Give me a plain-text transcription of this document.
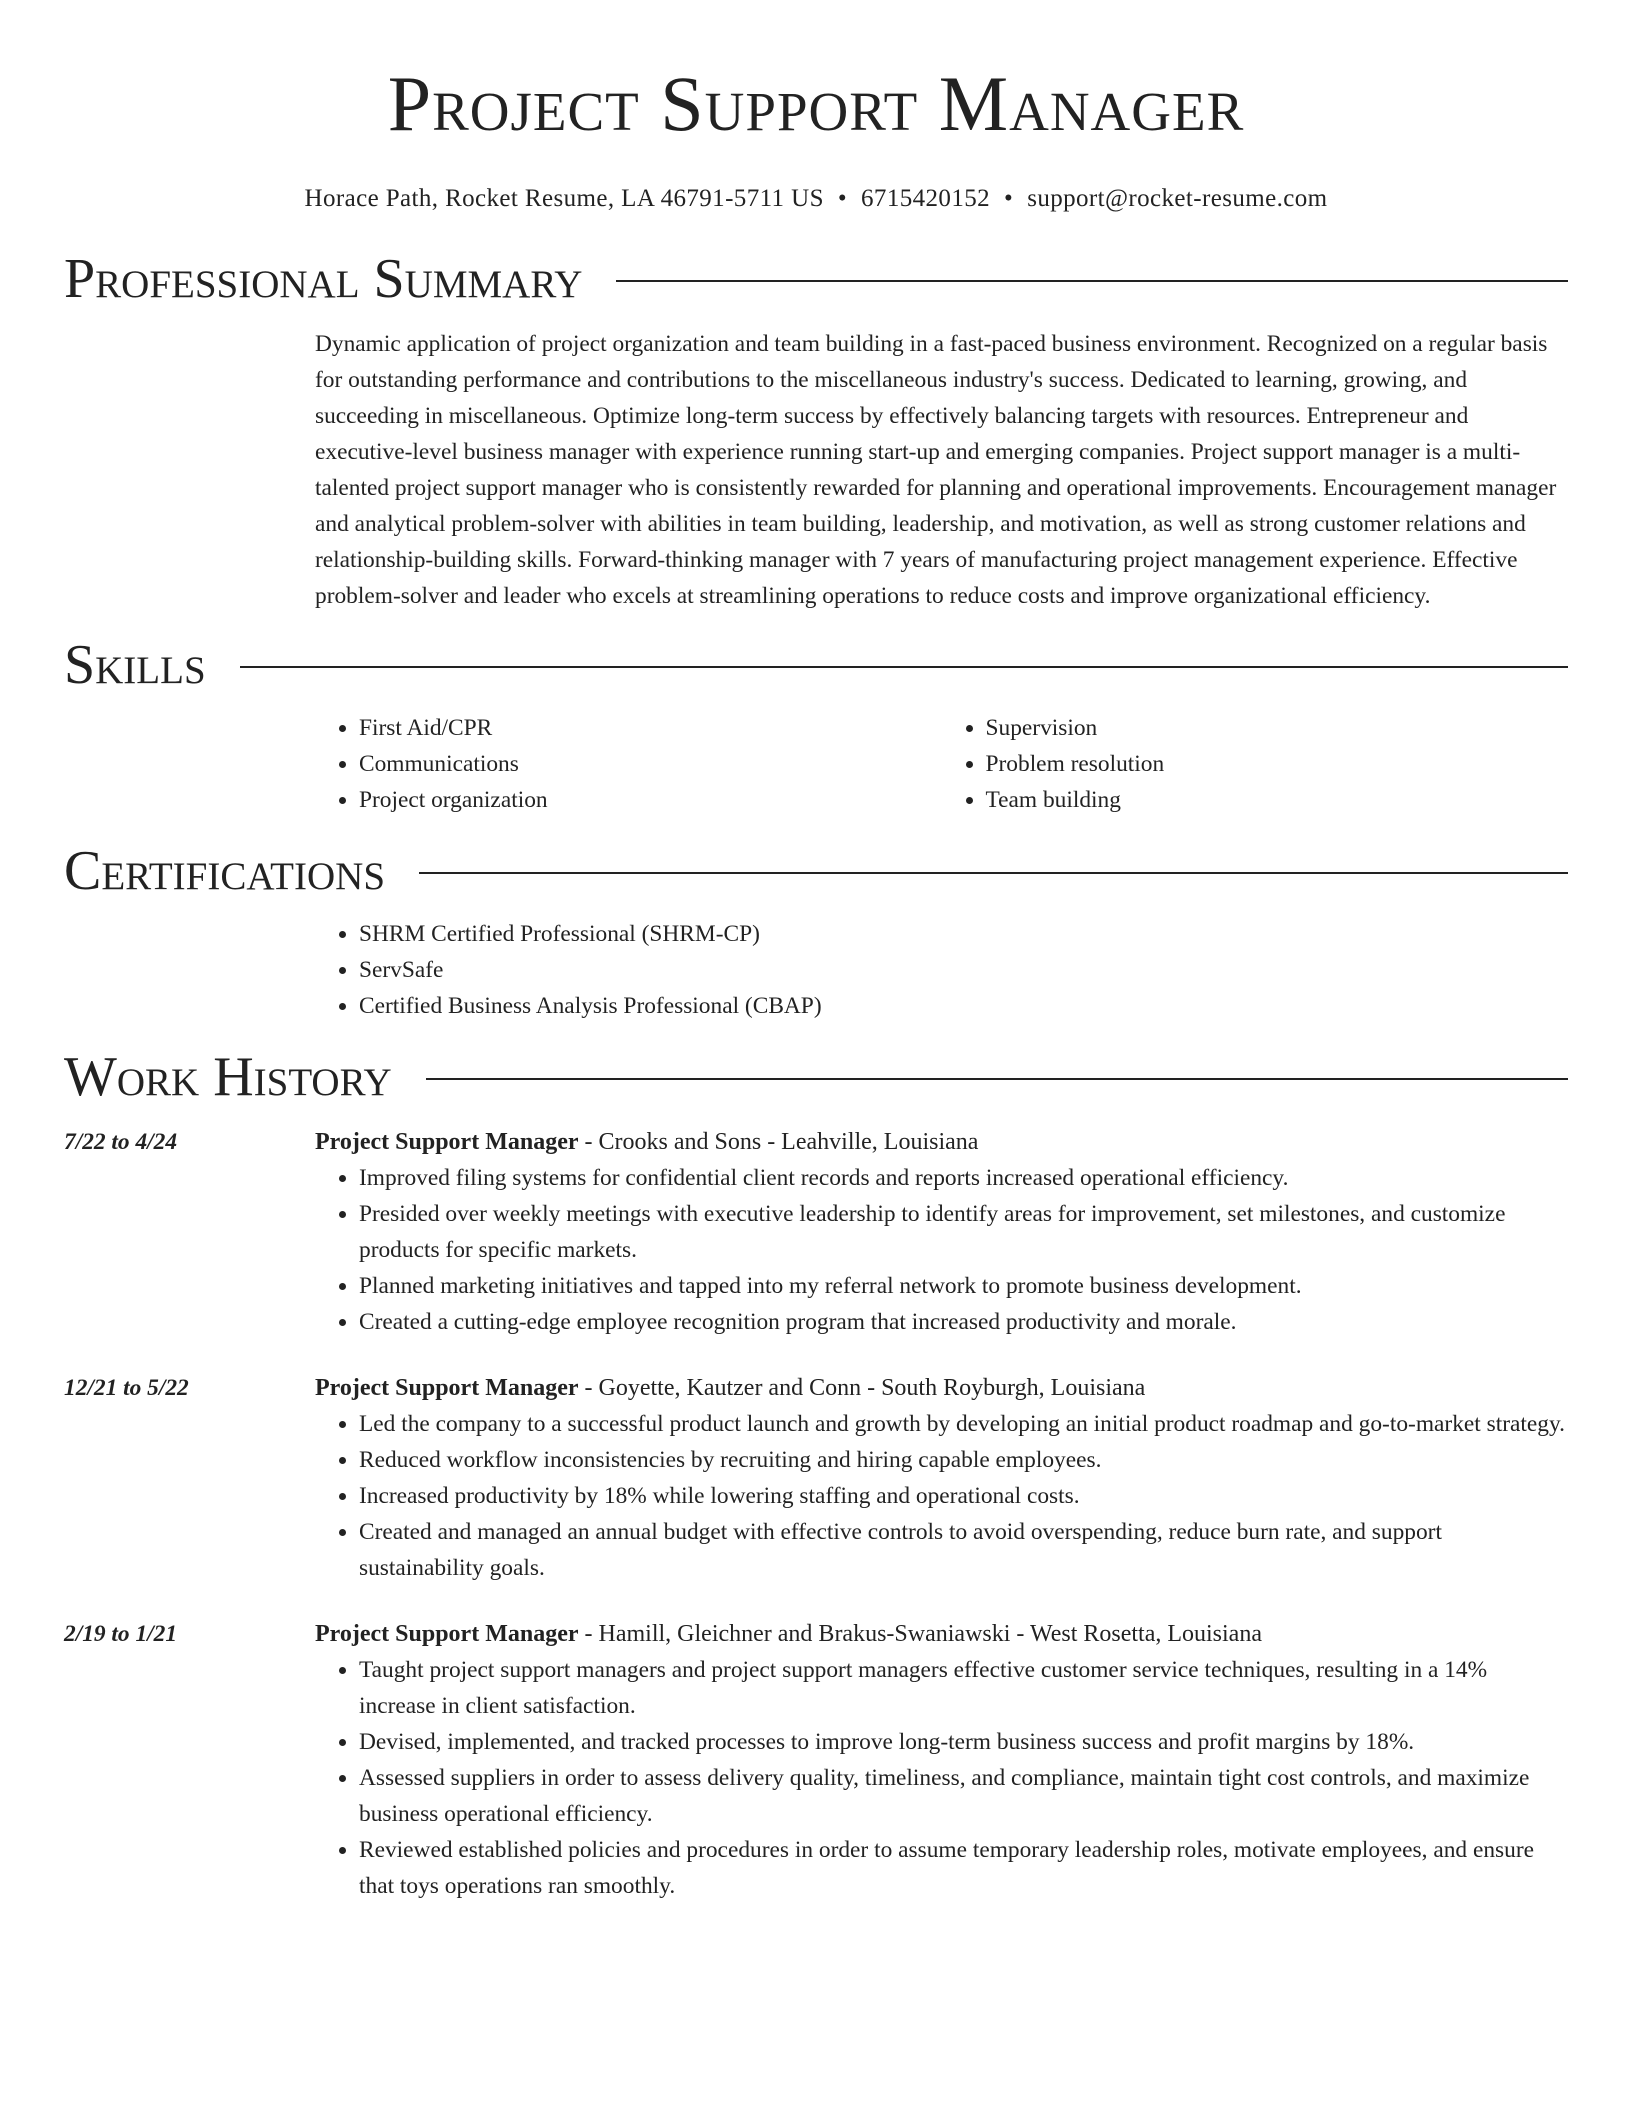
Project Support Manager
Horace Path, Rocket Resume, LA 46791-5711 US • 6715420152 • support@rocket-resume.com
Professional Summary

Dynamic application of project organization and team building in a fast-paced business environment. Recognized on a regular basis for outstanding performance and contributions to the miscellaneous industry's success. Dedicated to learning, growing, and succeeding in miscellaneous. Optimize long-term success by effectively balancing targets with resources. Entrepreneur and executive-level business manager with experience running start-up and emerging companies. Project support manager is a multi-talented project support manager who is consistently rewarded for planning and operational improvements. Encouragement manager and analytical problem-solver with abilities in team building, leadership, and motivation, as well as strong customer relations and relationship-building skills. Forward-thinking manager with 7 years of manufacturing project management experience. Effective problem-solver and leader who excels at streamlining operations to reduce costs and improve organizational efficiency.

Skills
• First Aid/CPR
• Communications
• Project organization
• Supervision
• Problem resolution
• Team building
Certifications
• SHRM Certified Professional (SHRM-CP)
• ServSafe
• Certified Business Analysis Professional (CBAP)
Work History
7/22 to 4/24	Project Support Manager - Crooks and Sons - Leahville, Louisiana
• Improved filing systems for confidential client records and reports increased operational efficiency.
• Presided over weekly meetings with executive leadership to identify areas for improvement, set milestones, and customize products for specific markets.
• Planned marketing initiatives and tapped into my referral network to promote business development.
• Created a cutting-edge employee recognition program that increased productivity and morale.
12/21 to 5/22	Project Support Manager - Goyette, Kautzer and Conn - South Royburgh, Louisiana
• Led the company to a successful product launch and growth by developing an initial product roadmap and go-to-market strategy.
• Reduced workflow inconsistencies by recruiting and hiring capable employees.
• Increased productivity by 18% while lowering staffing and operational costs.
• Created and managed an annual budget with effective controls to avoid overspending, reduce burn rate, and support sustainability goals.
2/19 to 1/21	Project Support Manager - Hamill, Gleichner and Brakus-Swaniawski - West Rosetta, Louisiana
• Taught project support managers and project support managers effective customer service techniques, resulting in a 14% increase in client satisfaction.
• Devised, implemented, and tracked processes to improve long-term business success and profit margins by 18%.
• Assessed suppliers in order to assess delivery quality, timeliness, and compliance, maintain tight cost controls, and maximize business operational efficiency.
• Reviewed established policies and procedures in order to assume temporary leadership roles, motivate employees, and ensure that toys operations ran smoothly.
